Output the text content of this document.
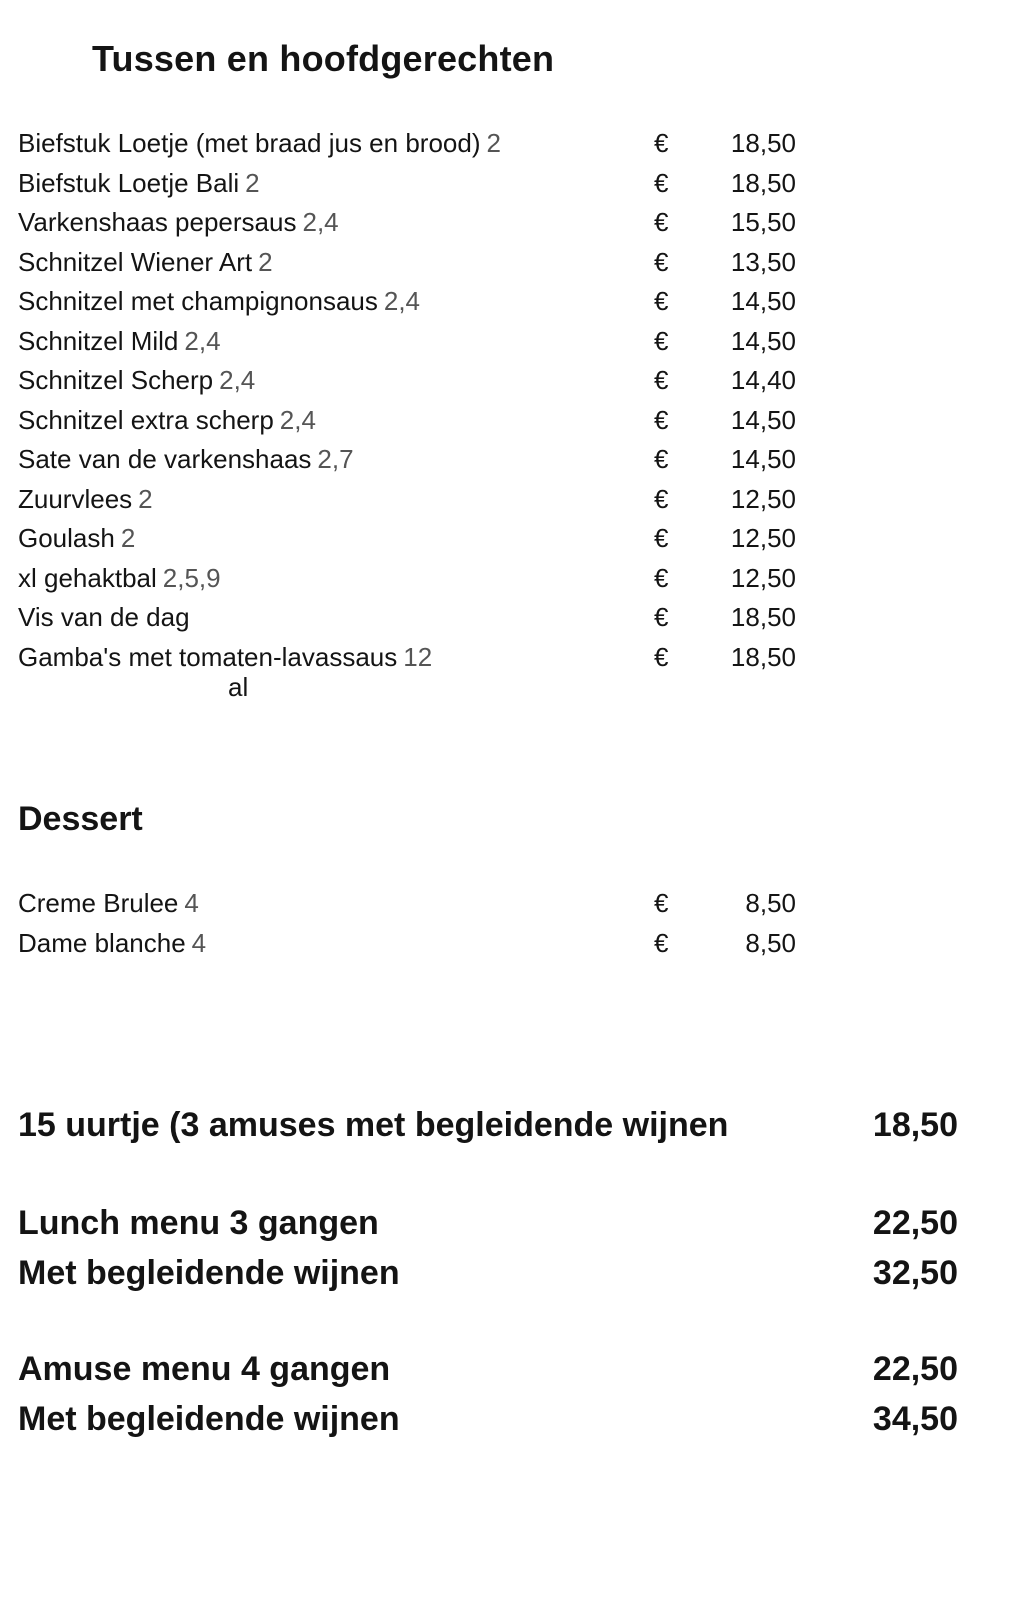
Tussen en hoofdgerechten
Biefstuk Loetje (met braad jus en brood) 2	€	18,50
Biefstuk Loetje Bali 2	€	18,50
Varkenshaas pepersaus 2,4	€	15,50
Schnitzel Wiener Art 2	€	13,50
Schnitzel met champignonsaus 2,4	€	14,50
Schnitzel Mild 2,4	€	14,50
Schnitzel Scherp 2,4	€	14,40
Schnitzel extra scherp 2,4	€	14,50
Sate van de varkenshaas 2,7	€	14,50
Zuurvlees 2	€	12,50
Goulash 2	€	12,50
xl gehaktbal 2,5,9	€	12,50
Vis van de dag	€	18,50
Gamba's met tomaten-lavassaus 12	€	18,50
al
Dessert
Creme Brulee 4	€	8,50
Dame blanche 4	€	8,50
15 uurtje (3 amuses met begleidende wijnen	18,50
Lunch menu 3 gangen	22,50
Met begleidende wijnen	32,50
Amuse menu 4 gangen	22,50
Met begleidende wijnen	34,50
